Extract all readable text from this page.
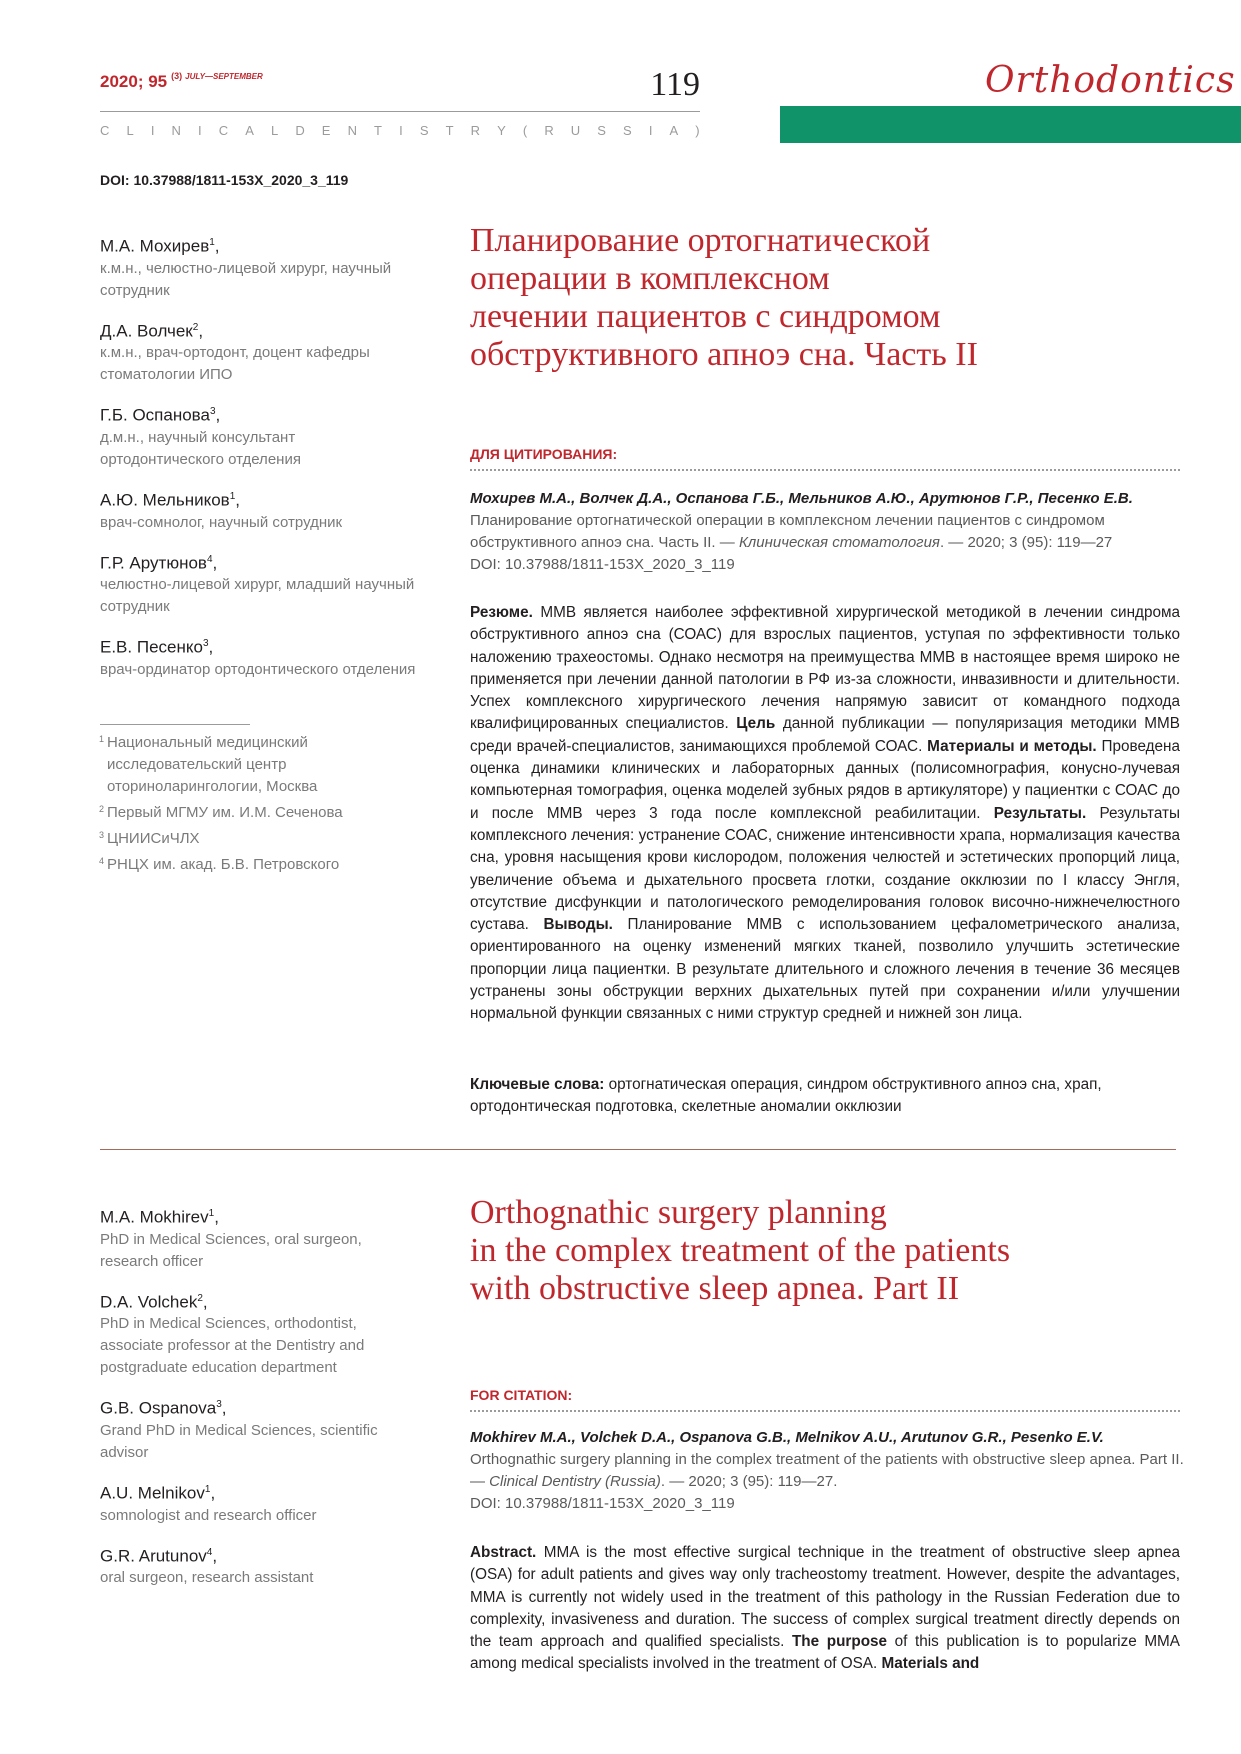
2020; 95 $^{(3)}$ $^{JULY—SEPTEMBER}$	119
C L I N I C A L D E N T I S T R Y ( R U S S I A )
Orthodontics
DOI: 10.37988/1811-153X_2020_3_119
М.А. Мохирев$^1$,
к.м.н., челюстно-лицевой хирург, научный сотрудник
Д.А. Волчек$^2$,
к.м.н., врач-ортодонт, доцент кафедры стоматологии ИПО
Г.Б. Оспанова$^3$,
д.м.н., научный консультант ортодонтического отделения
А.Ю. Мельников$^1$,
врач-сомнолог, научный сотрудник
Г.Р. Арутюнов$^4$,
челюстно-лицевой хирург, младший научный сотрудник
Е.В. Песенко$^3$,
врач-ординатор ортодонтического отделения
1 Национальный медицинский исследовательский центр оториноларингологии, Москва
2 Первый МГМУ им. И.М. Сеченова
3 ЦНИИСиЧЛХ
4 РНЦХ им. акад. Б.В. Петровского
Планирование ортогнатической
операции в комплексном
лечении пациентов с синдромом
обструктивного апноэ сна. Часть II
ДЛЯ ЦИТИРОВАНИЯ:
Мохирев М.А., Волчек Д.А., Оспанова Г.Б., Мельников А.Ю., Арутюнов Г.Р., Песенко Е.В.
Планирование ортогнатической операции в комплексном лечении пациентов с синдромом обструктивного апноэ сна. Часть II. — Клиническая стоматология. — 2020; 3 (95): 119—27
DOI: 10.37988/1811-153X_2020_3_119
Резюме. ММВ является наиболее эффективной хирургической методикой в лечении синдрома обструктивного апноэ сна (СОАС) для взрослых пациентов, уступая по эффективности только наложению трахеостомы. Однако несмотря на преимущества ММВ в настоящее время широко не применяется при лечении данной патологии в РФ из-за сложности, инвазивности и длительности. Успех комплексного хирургического лечения напрямую зависит от командного подхода квалифицированных специалистов. Цель данной публикации — популяризация методики ММВ среди врачей-специалистов, занимающихся проблемой СОАС. Материалы и методы. Проведена оценка динамики клинических и лабораторных данных (полисомнография, конусно-лучевая компьютерная томография, оценка моделей зубных рядов в артикуляторе) у пациентки с СОАС до и после ММВ через 3 года после комплексной реабилитации. Результаты. Результаты комплексного лечения: устранение СОАС, снижение интенсивности храпа, нормализация качества сна, уровня насыщения крови кислородом, положения челюстей и эстетических пропорций лица, увеличение объема и дыхательного просвета глотки, создание окклюзии по I классу Энгля, отсутствие дисфункции и патологического ремоделирования головок височно-нижнечелюстного сустава. Выводы. Планирование ММВ с использованием цефалометрического анализа, ориентированного на оценку изменений мягких тканей, позволило улучшить эстетические пропорции лица пациентки. В результате длительного и сложного лечения в течение 36 месяцев устранены зоны обструкции верхних дыхательных путей при сохранении и/или улучшении нормальной функции связанных с ними структур средней и нижней зон лица.
Ключевые слова: ортогнатическая операция, синдром обструктивного апноэ сна, храп, ортодонтическая подготовка, скелетные аномалии окклюзии
M.A. Mokhirev$^1$,
PhD in Medical Sciences, oral surgeon, research officer
D.A. Volchek$^2$,
PhD in Medical Sciences, orthodontist, associate professor at the Dentistry and postgraduate education department
G.B. Ospanova$^3$,
Grand PhD in Medical Sciences, scientific advisor
A.U. Melnikov$^1$,
somnologist and research officer
G.R. Arutunov$^4$,
oral surgeon, research assistant
Orthognathic surgery planning
in the complex treatment of the patients
with obstructive sleep apnea. Part II
FOR CITATION:
Mokhirev M.A., Volchek D.A., Ospanova G.B., Melnikov A.U., Arutunov G.R., Pesenko E.V.
Orthognathic surgery planning in the complex treatment of the patients with obstructive sleep apnea. Part II. — Clinical Dentistry (Russia). — 2020; 3 (95): 119—27.
DOI: 10.37988/1811-153X_2020_3_119
Abstract. MMA is the most effective surgical technique in the treatment of obstructive sleep apnea (OSA) for adult patients and gives way only tracheostomy treatment. However, despite the advantages, MMA is currently not widely used in the treatment of this pathology in the Russian Federation due to complexity, invasiveness and duration. The success of complex surgical treatment directly depends on the team approach and qualified specialists. The purpose of this publication is to popularize MMA among medical specialists involved in the treatment of OSA. Materials and
